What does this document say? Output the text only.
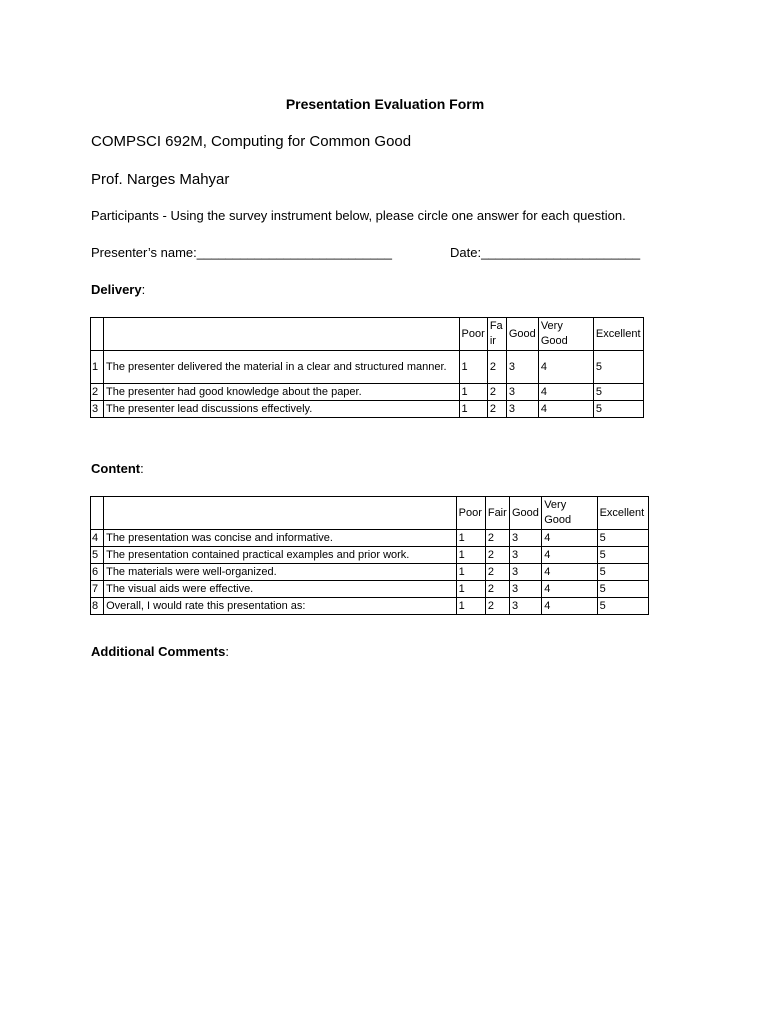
Presentation Evaluation Form
COMPSCI 692M, Computing for Common Good
Prof. Narges Mahyar
Participants - Using the survey instrument below, please circle one answer for each question.
Presenter’s name:___________________________	Date:______________________
Delivery:
		Poor	Fair	Good	Very Good	Excellent
1	The presenter delivered the material in a clear and structured manner.	1	2	3	4	5
2	The presenter had good knowledge about the paper.	1	2	3	4	5
3	The presenter lead discussions effectively.	1	2	3	4	5
Content:
		Poor	Fair	Good	Very Good	Excellent
4	The presentation was concise and informative.	1	2	3	4	5
5	The presentation contained practical examples and prior work.	1	2	3	4	5
6	The materials were well-organized.	1	2	3	4	5
7	The visual aids were effective.	1	2	3	4	5
8	Overall, I would rate this presentation as:	1	2	3	4	5
Additional Comments:
